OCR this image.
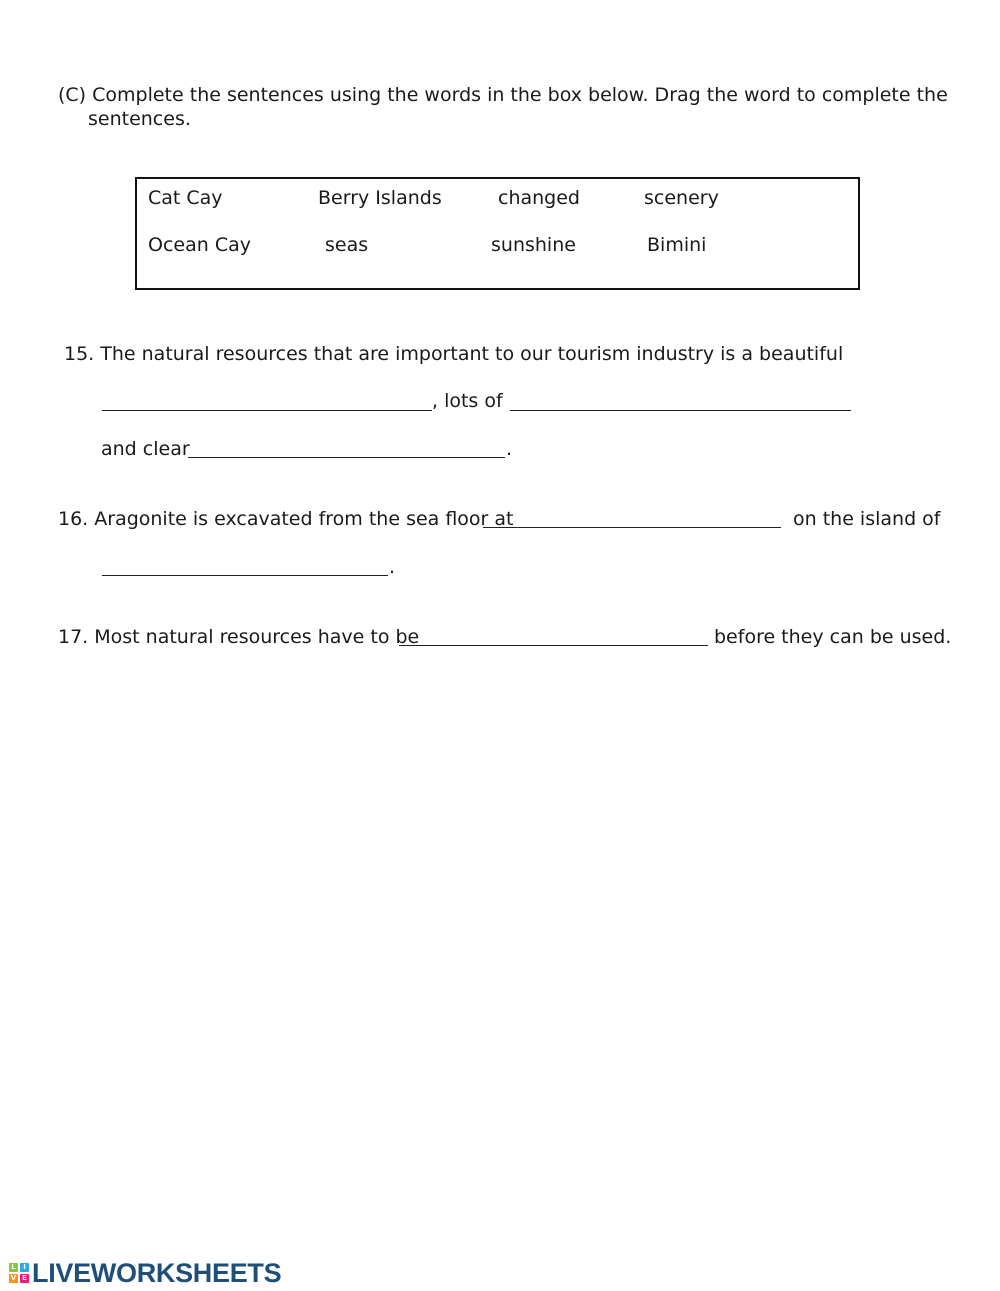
(C) Complete the sentences using the words in the box below. Drag the word to complete the
sentences.
Cat Cay	Berry Islands	changed	scenery
Ocean Cay	seas	sunshine	Bimini
15. The natural resources that are important to our tourism industry is a beautiful
, lots of
and clear	.
16. Aragonite is excavated from the sea floor at	on the island of
.
17. Most natural resources have to be	before they can be used.
L	I
V E LIVEWORKSHEETS
